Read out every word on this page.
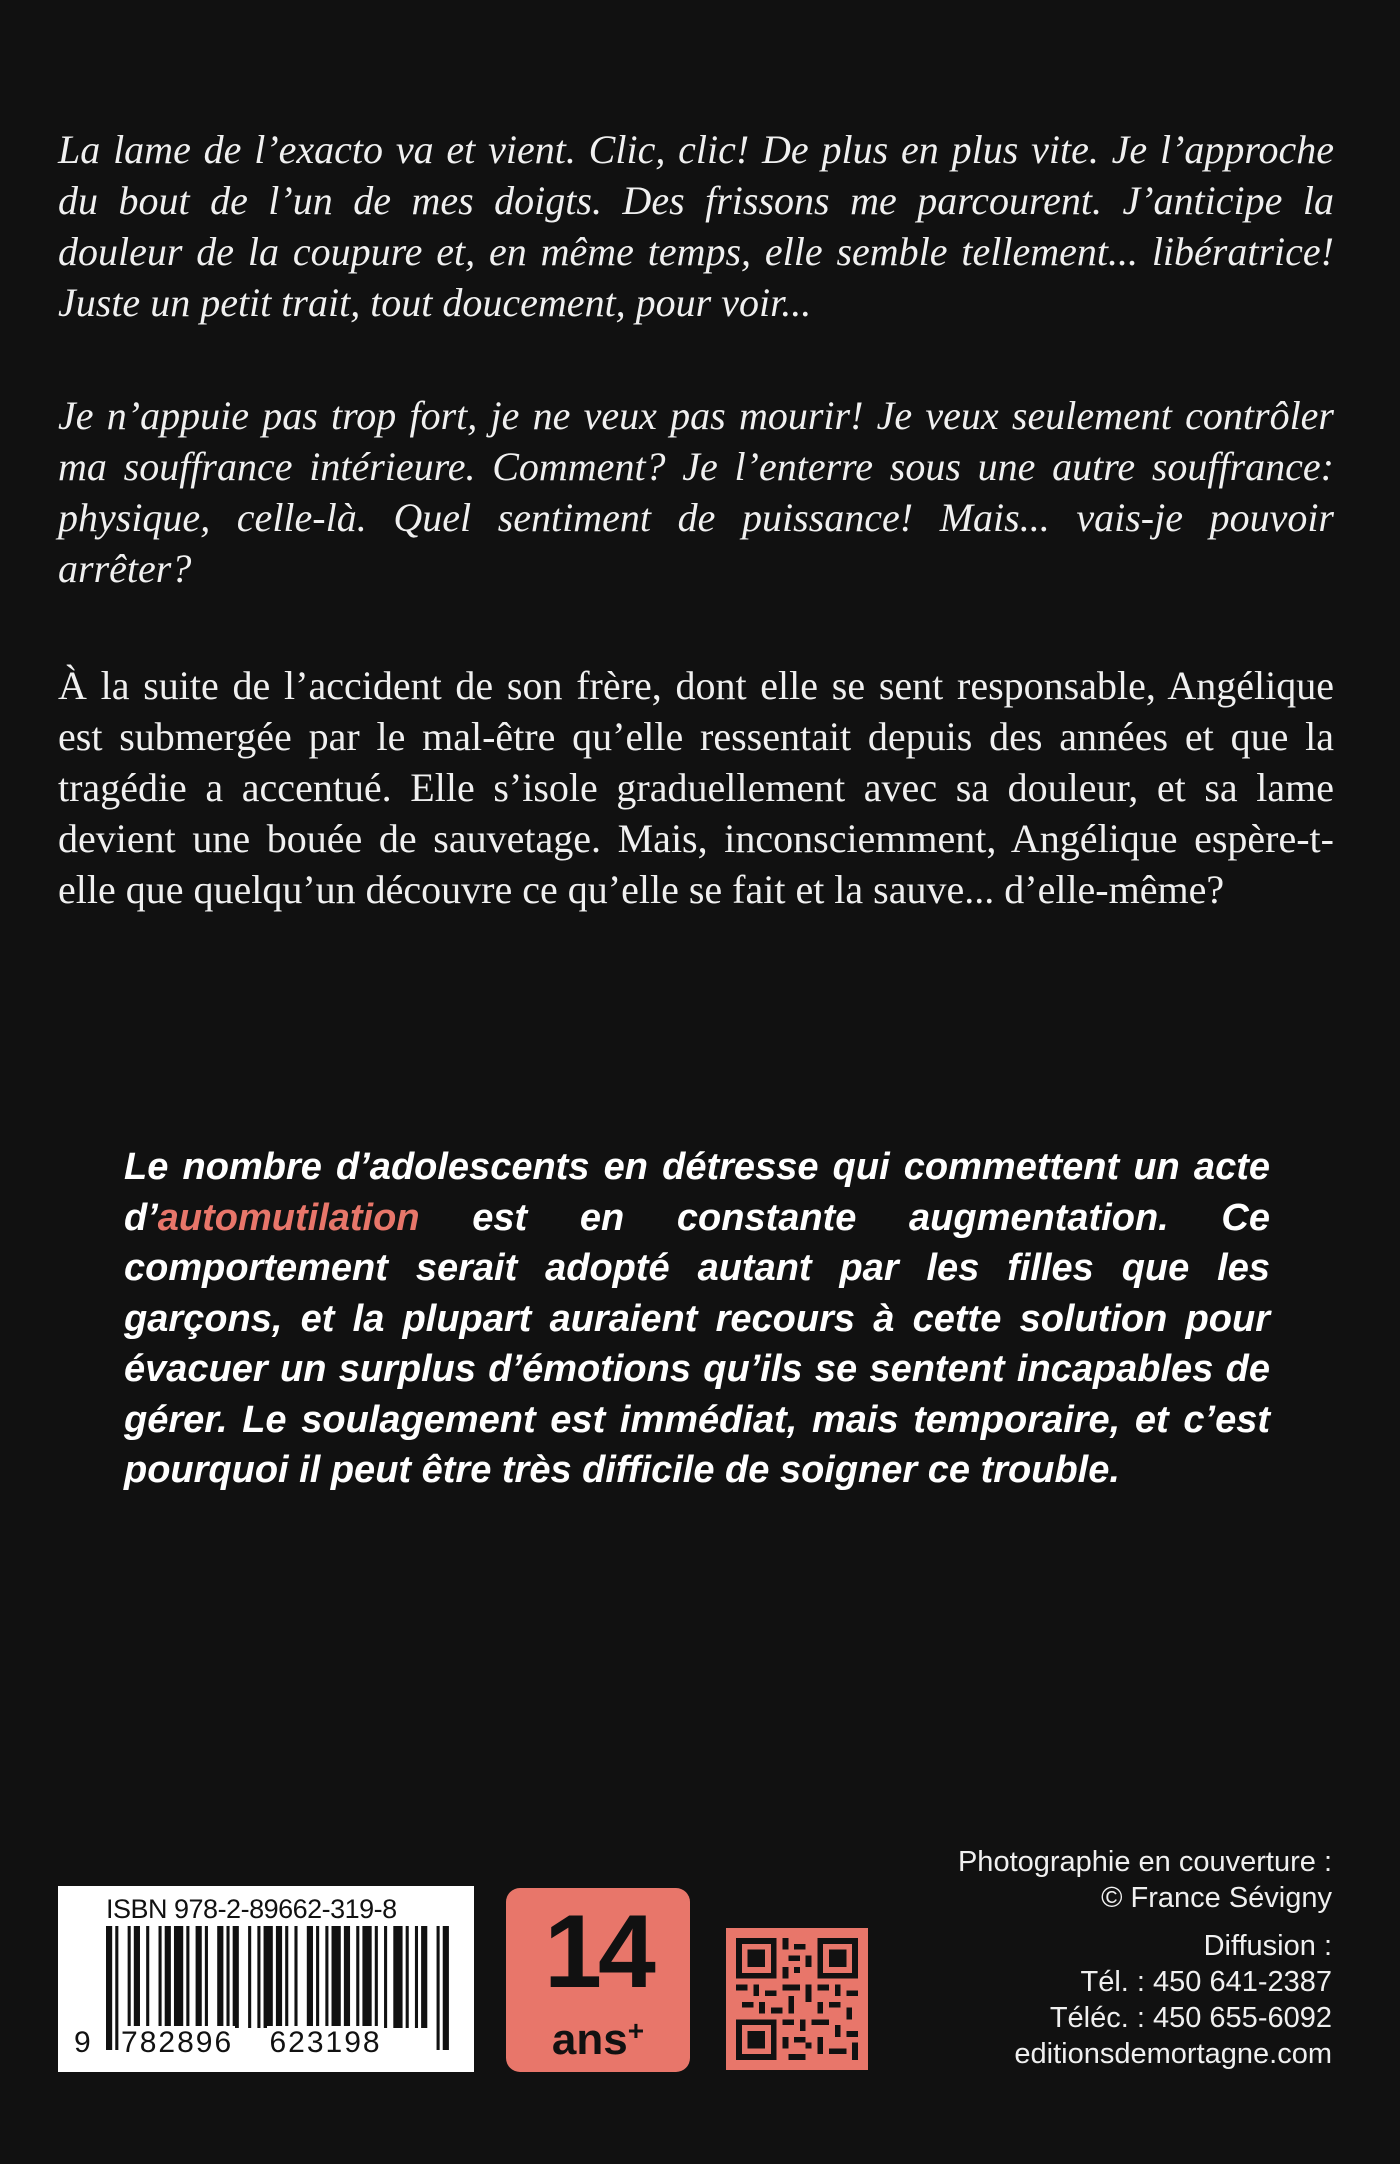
La lame de l’exacto va et vient. Clic, clic! De plus en plus vite. Je l’approche du bout de l’un de mes doigts. Des frissons me parcourent. J’anticipe la douleur de la coupure et, en même temps, elle semble tellement... libératrice! Juste un petit trait, tout doucement, pour voir...

Je n’appuie pas trop fort, je ne veux pas mourir! Je veux seulement contrôler ma souffrance intérieure. Comment? Je l’enterre sous une autre souffrance: physique, celle-là. Quel sentiment de puissance! Mais... vais-je pouvoir arrêter?

À la suite de l’accident de son frère, dont elle se sent responsable, Angélique est submergée par le mal-être qu’elle ressentait depuis des années et que la tragédie a accentué. Elle s’isole graduellement avec sa douleur, et sa lame devient une bouée de sauvetage. Mais, inconsciemment, Angélique espère-t-elle que quelqu’un découvre ce qu’elle se fait et la sauve... d’elle-même?

Le nombre d’adolescents en détresse qui commettent un acte d’automutilation est en constante augmentation. Ce comportement serait adopté autant par les filles que les garçons, et la plupart auraient recours à cette solution pour évacuer un surplus d’émotions qu’ils se sentent incapables de gérer. Le soulagement est immédiat, mais temporaire, et c’est pourquoi il peut être très difficile de soigner ce trouble.

ISBN 978-2-89662-319-8
9 782896 623198
14
ans+
Photographie en couverture :
© France Sévigny
Diffusion :
Tél. : 450 641-2387
Téléc. : 450 655-6092
editionsdemortagne.com
